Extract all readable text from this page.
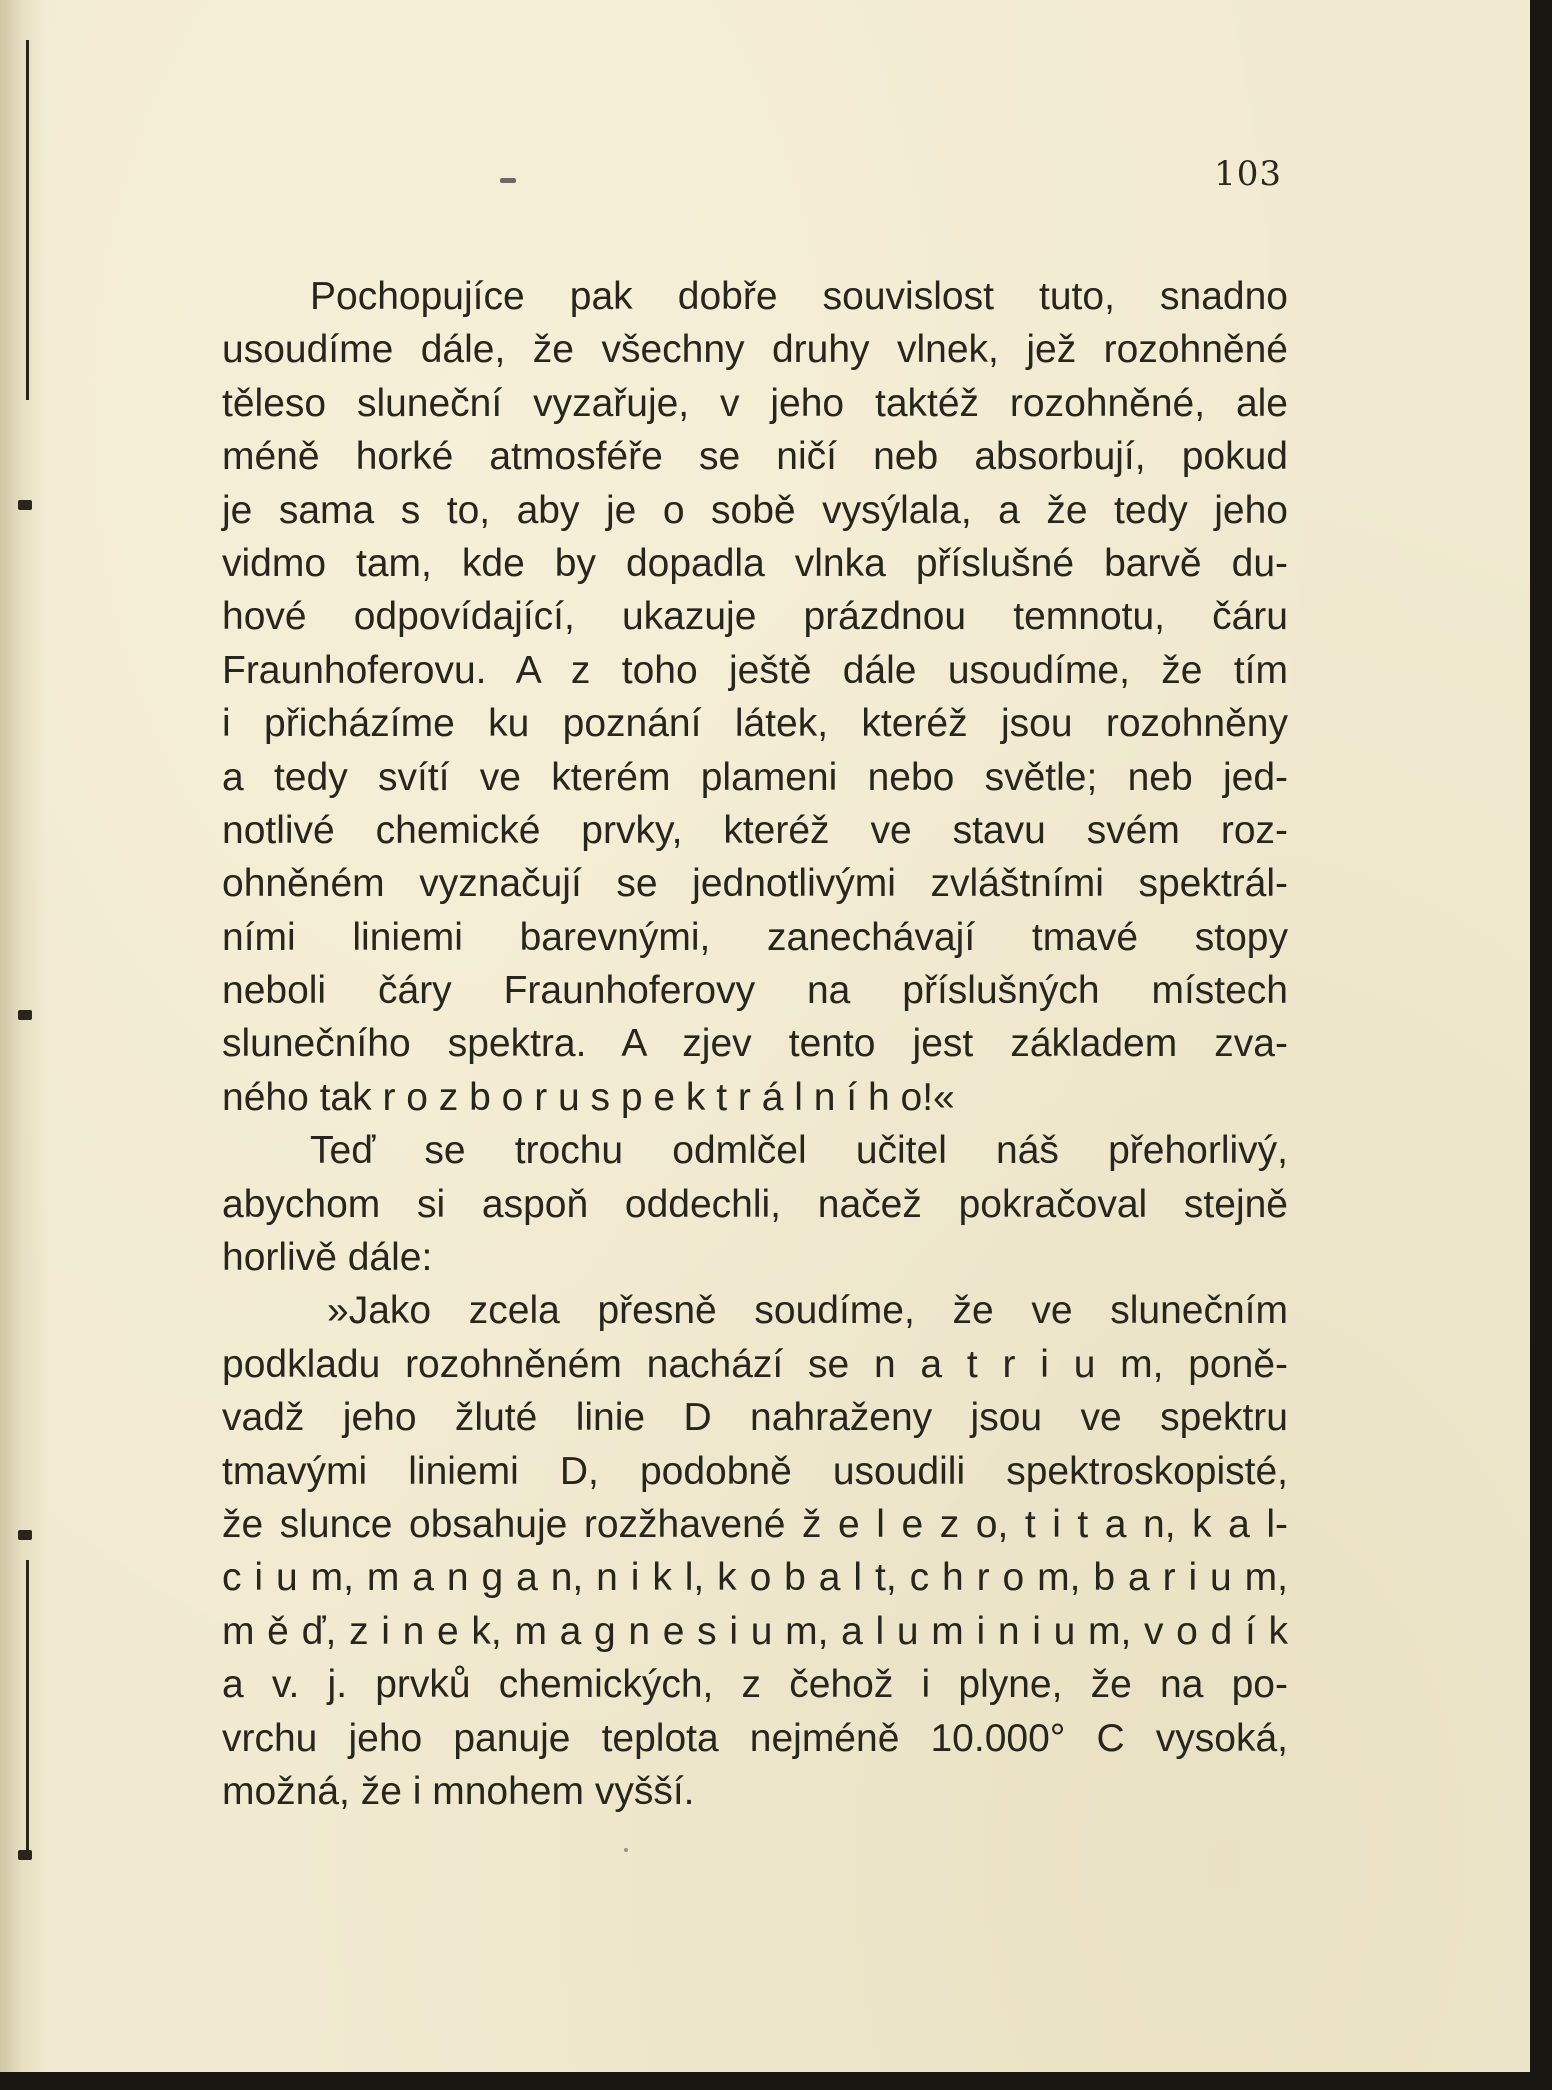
103
Pochopujíce pak dobře souvislost tuto, snadno
usoudíme dále, že všechny druhy vlnek, jež rozohněné
těleso sluneční vyzařuje, v jeho taktéž rozohněné, ale
méně horké atmosféře se ničí neb absorbují, pokud
je sama s to, aby je o sobě vysýlala, a že tedy jeho
vidmo tam, kde by dopadla vlnka příslušné barvě du-
hové odpovídající, ukazuje prázdnou temnotu, čáru
Fraunhoferovu. A z toho ještě dále usoudíme, že tím
i přicházíme ku poznání látek, kteréž jsou rozohněny
a tedy svítí ve kterém plameni nebo světle; neb jed-
notlivé chemické prvky, kteréž ve stavu svém roz-
ohněném vyznačují se jednotlivými zvláštními spektrál-
ními liniemi barevnými, zanechávají tmavé stopy
neboli čáry Fraunhoferovy na příslušných místech
slunečního spektra. A zjev tento jest základem zva-
ného tak r o z b o r u s p e k t r á l n í h o!«
Teď se trochu odmlčel učitel náš přehorlivý,
abychom si aspoň oddechli, načež pokračoval stejně
horlivě dále:
»Jako zcela přesně soudíme, že ve slunečním
podkladu rozohněném nachází se n a t r i u m, poně-
vadž jeho žluté linie D nahraženy jsou ve spektru
tmavými liniemi D, podobně usoudili spektroskopisté,
že slunce obsahuje rozžhavené ž e l e z o, t i t a n, k a l-
c i u m, m a n g a n, n i k l, k o b a l t, c h r o m, b a r i u m,
m ě ď, z i n e k, m a g n e s i u m, a l u m i n i u m, v o d í k
a v. j. prvků chemických, z čehož i plyne, že na po-
vrchu jeho panuje teplota nejméně 10.000° C vysoká,
možná, že i mnohem vyšší.
